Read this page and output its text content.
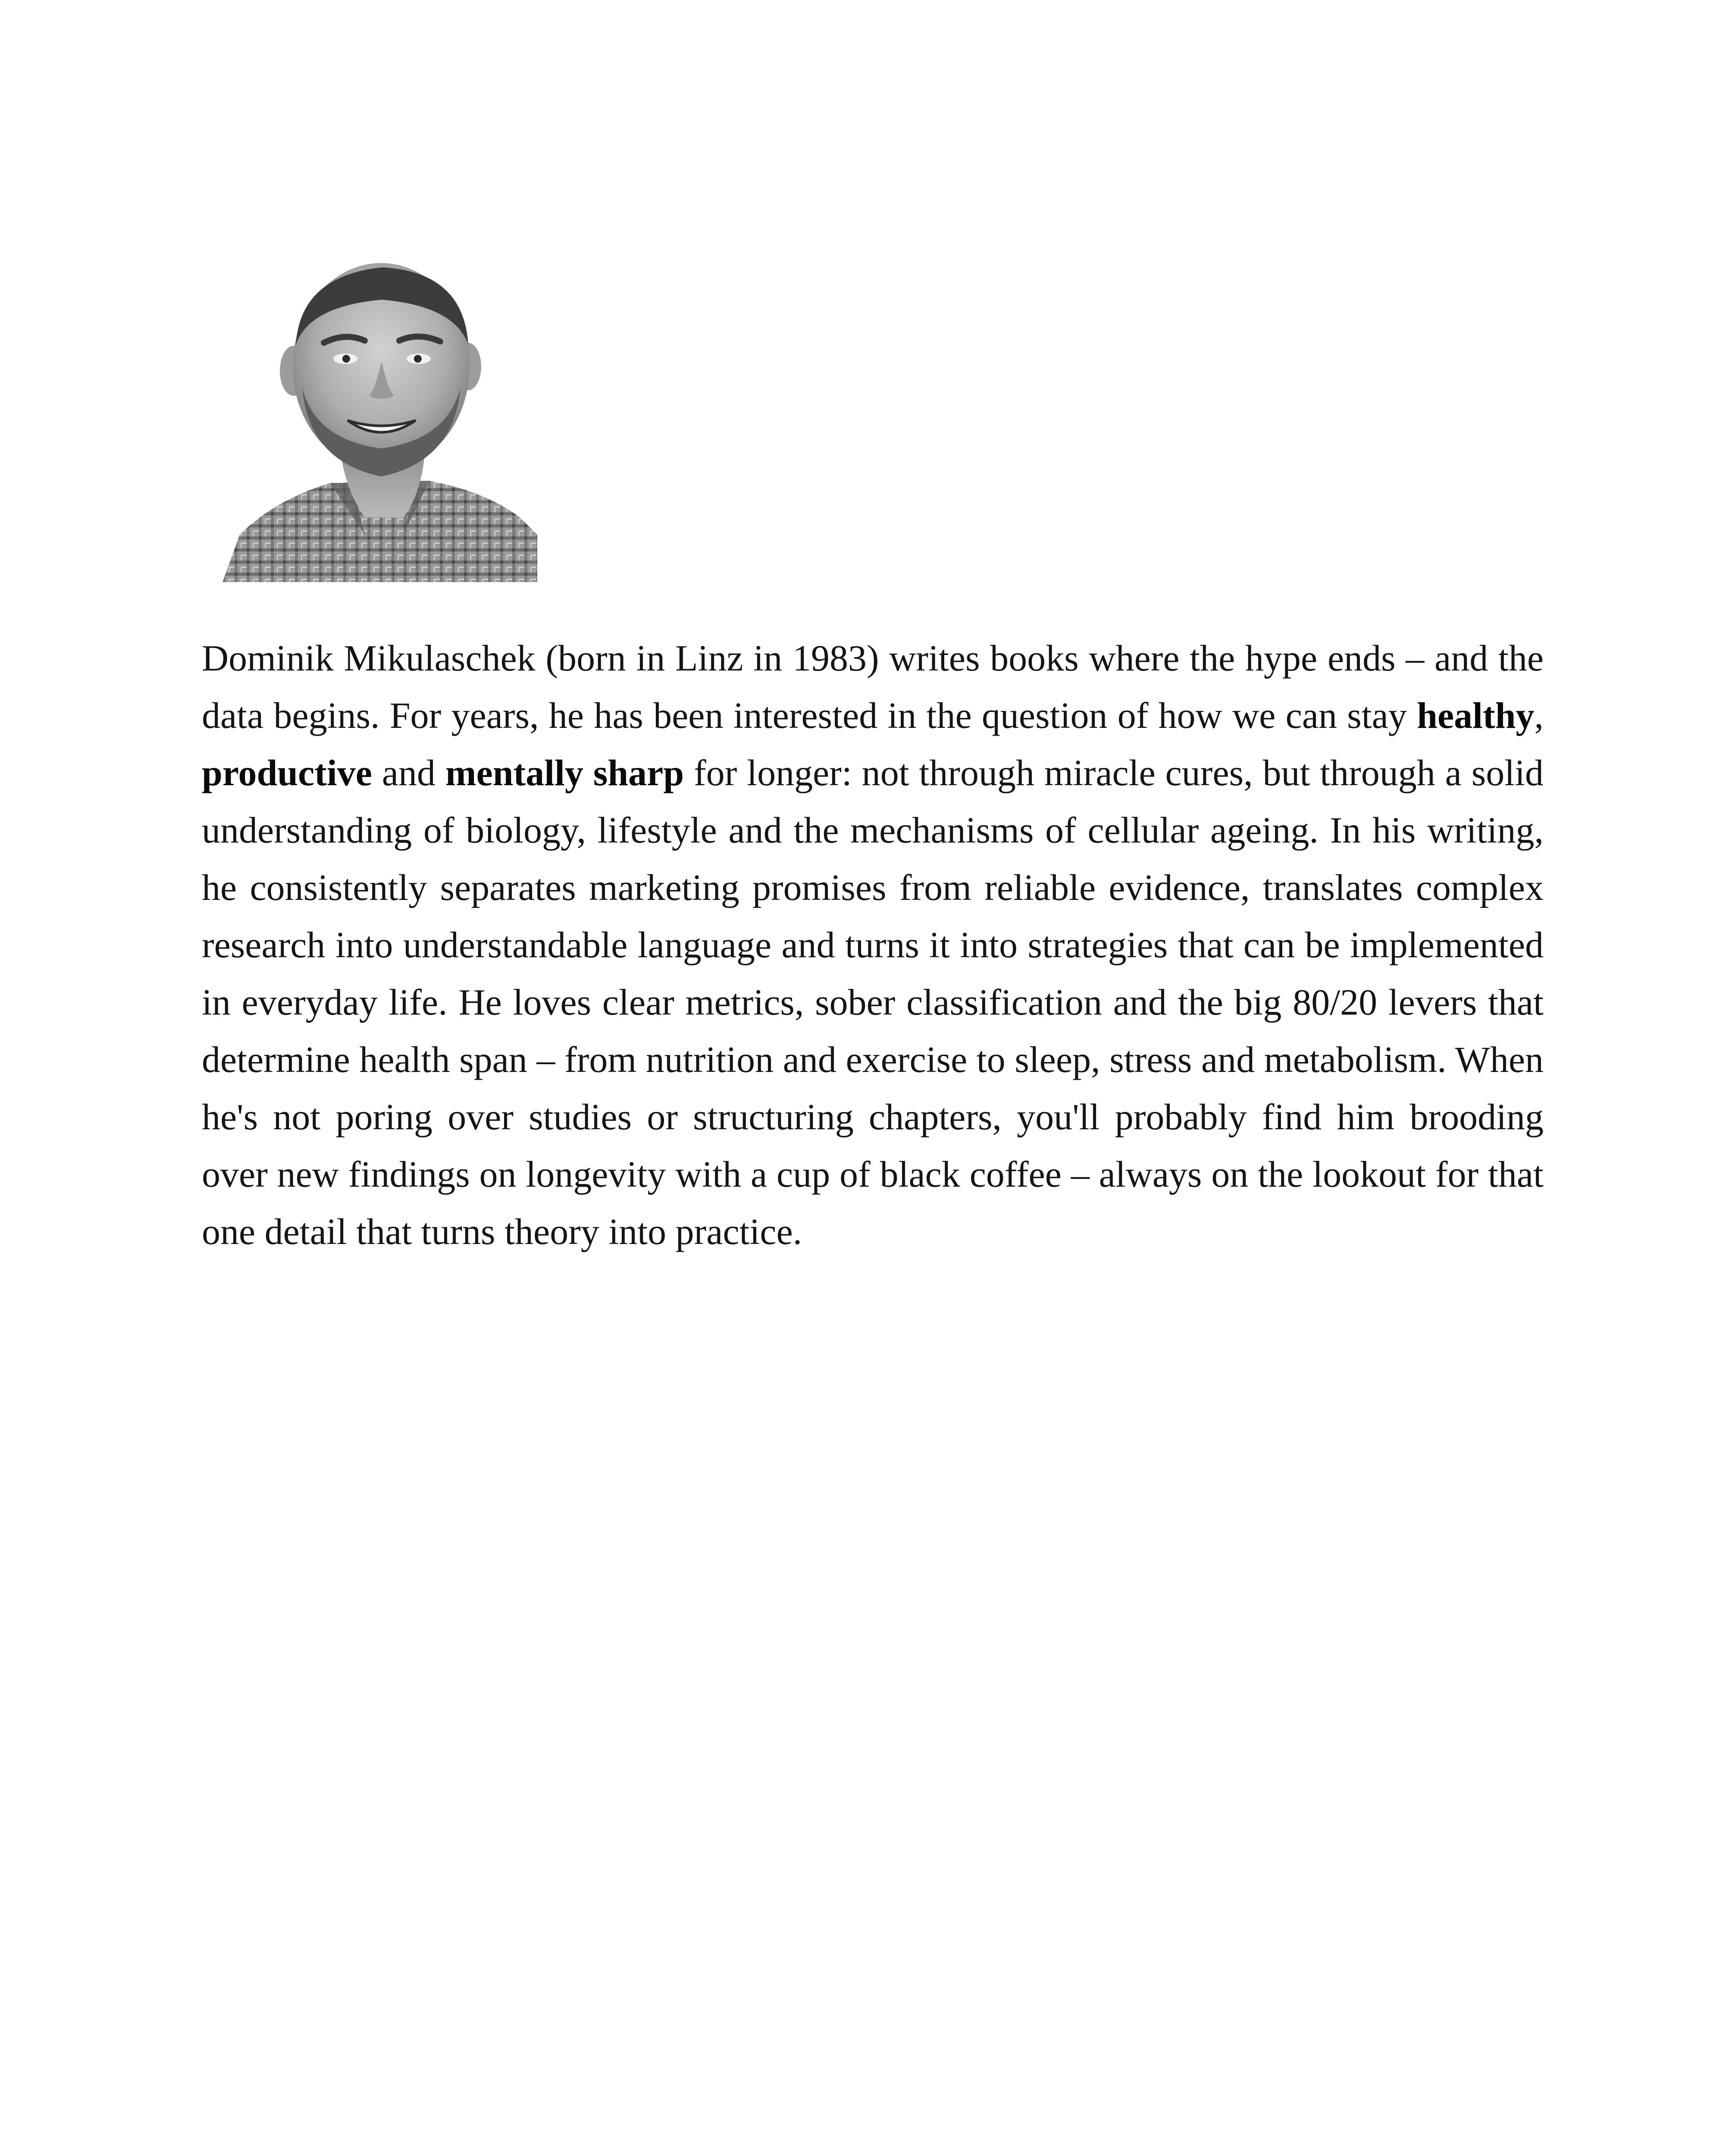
Dominik Mikulaschek (born in Linz in 1983) writes books where the hype ends – and the data begins. For years, he has been interested in the question of how we can stay healthy, productive and mentally sharp for longer: not through miracle cures, but through a solid understanding of biology, lifestyle and the mechanisms of cellular ageing. In his writing, he consistently separates marketing promises from reliable evidence, translates complex research into understandable language and turns it into strategies that can be implemented in everyday life. He loves clear metrics, sober classification and the big 80/20 levers that determine health span – from nutrition and exercise to sleep, stress and metabolism. When he's not poring over studies or structuring chapters, you'll probably find him brooding over new findings on longevity with a cup of black coffee – always on the lookout for that one detail that turns theory into practice.
